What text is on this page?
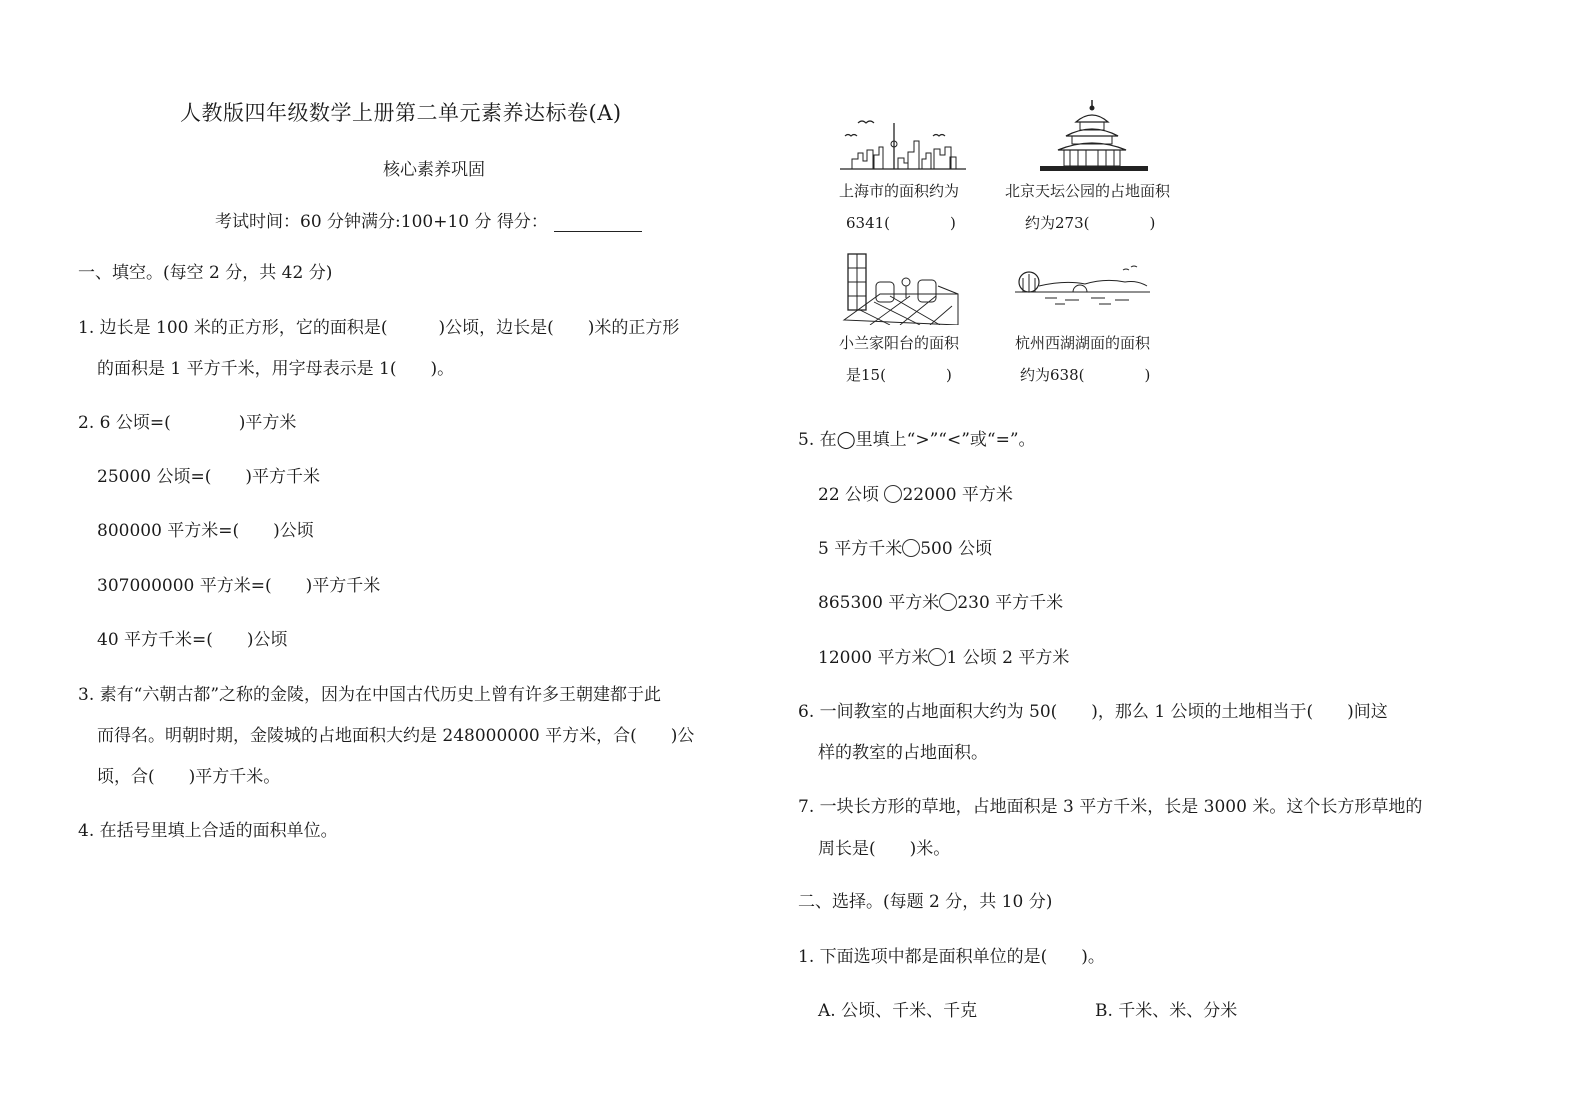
人教版四年级数学上册第二单元素养达标卷(A)
核心素养巩固
考试时间：60 分钟满分:100+10 分 得分：
一、填空。(每空 2 分，共 42 分)
1. 边长是 100 米的正方形，它的面积是(　　　)公顷，边长是(　　)米的正方形
的面积是 1 平方千米，用字母表示是 1(　　)。
2. 6 公顷=(　　　　)平方米
25000 公顷=(　　)平方千米
800000 平方米=(　　)公顷
307000000 平方米=(　　)平方千米
40 平方千米=(　　)公顷
3. 素有“六朝古都”之称的金陵，因为在中国古代历史上曾有许多王朝建都于此
而得名。明朝时期，金陵城的占地面积大约是 248000000 平方米，合(　　)公
顷，合(　　)平方千米。
4. 在括号里填上合适的面积单位。
上海市的面积约为
6341(　　　　)
北京天坛公园的占地面积
约为273(　　　　)
小兰家阳台的面积
是15(　　　　)
杭州西湖湖面的面积
约为638(　　　　)
5. 在◯里填上“>”“<”或“=”。
22 公顷 22000 平方米
5 平方千米 500 公顷
865300 平方米 230 平方千米
12000 平方米 1 公顷 2 平方米
6. 一间教室的占地面积大约为 50(　　)，那么 1 公顷的土地相当于(　　)间这
样的教室的占地面积。
7. 一块长方形的草地，占地面积是 3 平方千米，长是 3000 米。这个长方形草地的
周长是(　　)米。
二、选择。(每题 2 分，共 10 分)
1. 下面选项中都是面积单位的是(　　)。
A. 公顷、千米、千克	B. 千米、米、分米
